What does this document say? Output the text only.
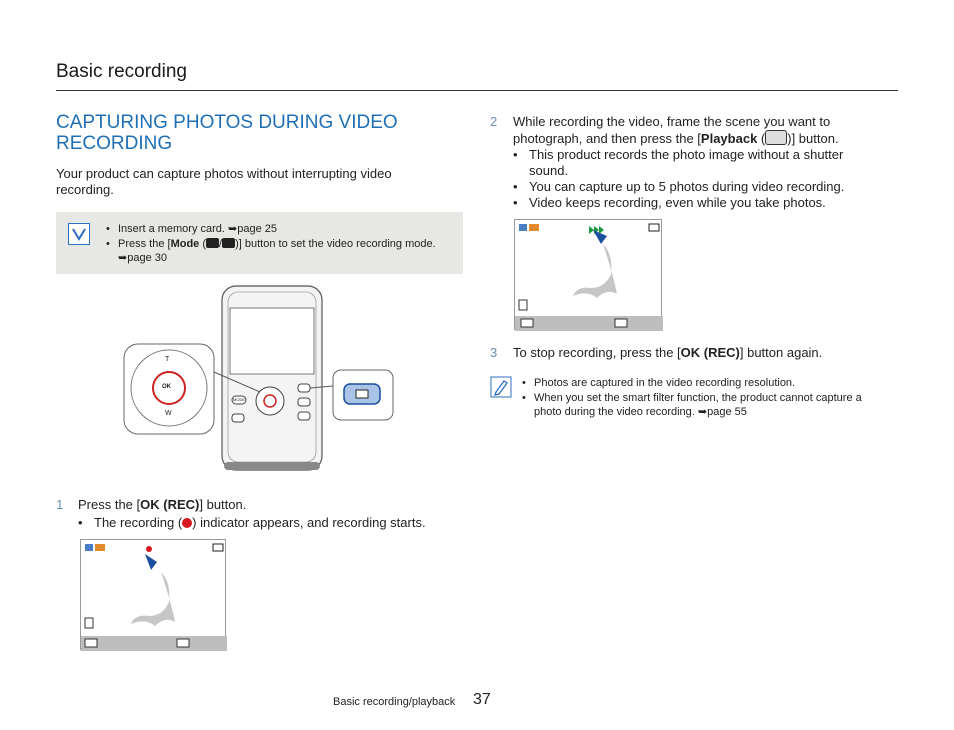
Basic recording
CAPTURING PHOTOS DURING VIDEO RECORDING
Your product can capture photos without interrupting video recording.
• Insert a memory card. ➥page 25
• Press the [Mode ( / )] button to set the video recording mode. ➥page 30
T
W
OK
MODE
1 Press the [OK (REC)] button.
• The recording ( ) indicator appears, and recording starts.
2 While recording the video, frame the scene you want to photograph, and then press the [Playback ( )] button.
• This product records the photo image without a shutter sound.
• You can capture up to 5 photos during video recording.
• Video keeps recording, even while you take photos.
3 To stop recording, press the [OK (REC)] button again.
• Photos are captured in the video recording resolution.
• When you set the smart filter function, the product cannot capture a photo during the video recording. ➥page 55
Basic recording/playback 37
